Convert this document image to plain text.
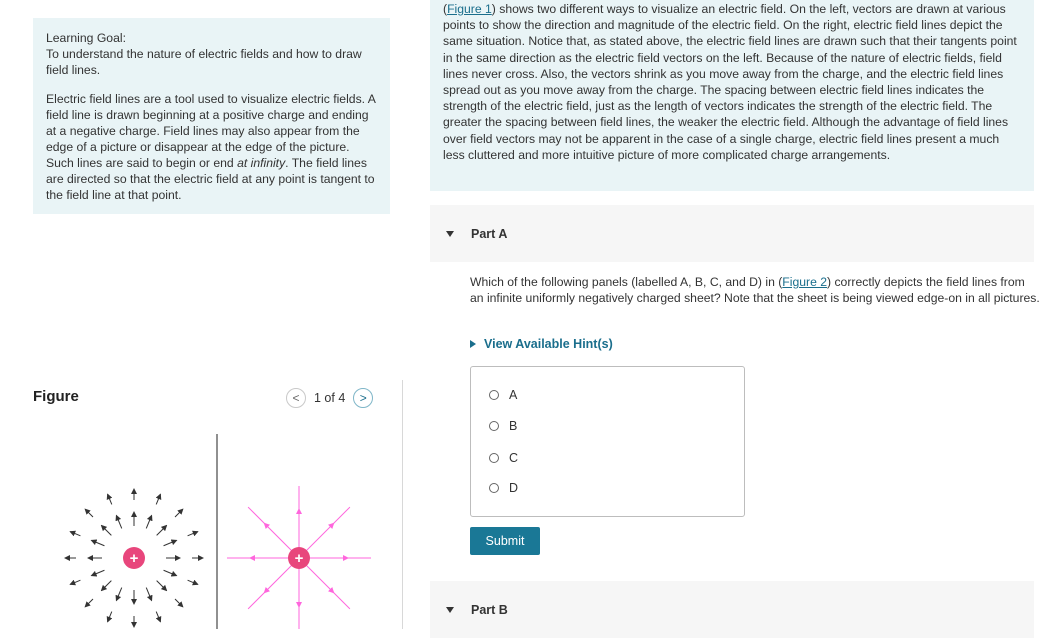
Learning Goal:

To understand the nature of electric fields and how to draw field lines.

Electric field lines are a tool used to visualize electric fields. A field line is drawn beginning at a positive charge and ending at a negative charge. Field lines may also appear from the edge of a picture or disappear at the edge of the picture. Such lines are said to begin or end at infinity. The field lines are directed so that the electric field at any point is tangent to the field line at that point.

Figure	<	1 of 4	>
+	+
(Figure 1) shows two different ways to visualize an electric field. On the left, vectors are drawn at various points to show the direction and magnitude of the electric field. On the right, electric field lines depict the same situation. Notice that, as stated above, the electric field lines are drawn such that their tangents point in the same direction as the electric field vectors on the left. Because of the nature of electric fields, field lines never cross. Also, the vectors shrink as you move away from the charge, and the electric field lines spread out as you move away from the charge. The spacing between electric field lines indicates the strength of the electric field, just as the length of vectors indicates the strength of the electric field. The greater the spacing between field lines, the weaker the electric field. Although the advantage of field lines over field vectors may not be apparent in the case of a single charge, electric field lines present a much less cluttered and more intuitive picture of more complicated charge arrangements.
Part A
Which of the following panels (labelled A, B, C, and D) in (Figure 2) correctly depicts the field lines from an infinite uniformly negatively charged sheet? Note that the sheet is being viewed edge-on in all pictures.
View Available Hint(s)
A
B
C
D
Submit
Part B
